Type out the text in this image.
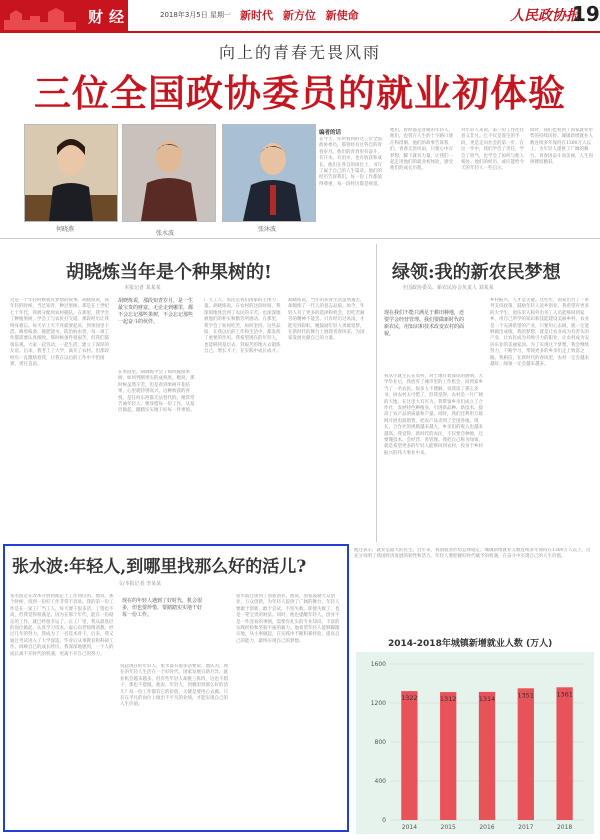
财经	2018年3月5日 星期一 新时代 新方位 新使命	人民政协报
19
向上的青春无畏风雨
三位全国政协委员的就业初体验
何晓燕
张水波
张沐波
编者的话
在今天，你所看到的这三位全国政协委员，都曾经有过各自的青春岁月。他们的青春里有奋斗、有汗水、有泪水，也有收获和成长。他们在各自的岗位上，书写了属于自己的人生篇章。他们的经历告诉我们，每一份工作都值得尊重，每一段经历都是财富。
他们，曾经都是普通的年轻人，他们，也曾在人生的十字路口迷茫和徘徊。他们的故事告诉我们，青春无畏风雨，只要心中有梦想，脚下就有力量。让我们一起走进他们的就业初体验，感受他们的成长历程。
对年轻人来说，第一份工作往往意义非凡。它不仅是谋生的手段，更是走向社会的第一步。在这一步中，我们学会了责任，学会了担当，也学会了如何与他人相处。他们的经历，或许能给今天的年轻人一些启示。
同时，我们也看到了国家就业形势的持续向好。城镇新增就业人数连续多年保持在1300万人以上，为年轻人提供了广阔的舞台。青春因奋斗而美丽，人生因拼搏而精彩。
胡晓炼当年是个种果树的!
本报记者 某某某
这是一个年轻时候就有梦想的故事。胡晓炼说，我年轻的时候，当过知青，种过果树。那是在上世纪七十年代，我被分配到农村插队。在那里，我学会了种植果树，学会了与农民打交道。那段经历让我终身难忘。每天早上天不亮就要起床，到果园里干活。修剪枝条、施肥浇水、防治病虫害，每一项工作都需要认真细致。那时候条件很艰苦，但我们都很乐观。大家一起劳动，一起生活，建立了深厚的友谊。后来，我考上了大学，离开了农村。但那段经历一直激励着我，让我在以后的工作中不怕困难，勇往直前。
胡晓炼说，那段知青岁月，是一生最宝贵的财富。无论走到哪里，都不会忘记那些果树，不会忘记那些一起奋斗的伙伴。
在果园里，胡晓炼学会了如何嫁接果树，如何判断果实的成熟度。她说，那时候虽然辛苦，但是看到果树开花结果，心里就特别高兴。这种收获的喜悦，是任何东西都无法替代的。她常常告诫年轻人，要珍惜每一份工作，从基层做起，踏踏实实地干好每一件事情。
广大工人、农民是我们国家的主体力量。胡晓炼说，在农村的这段时间，我深刻地体会到了农民的辛苦，也深深地被他们的朴实和勤劳所感动。在那里，我学会了如何吃苦，如何坚持。这些品质，在我以后的工作和生活中，都发挥了重要的作用。我希望现在的年轻人，也能够到基层去，到艰苦的地方去锻炼自己，增长才干，在实践中成长成才。
胡晓炼说，当年的知青生活虽然艰苦，却锻炼了一代人的意志品质。如今，年轻人有了更多的选择和机会，但吃苦耐劳的精神不能丢。只有经历过风雨，才能见到彩虹。她鼓励年轻人勇敢追梦，在新时代的舞台上展现青春风采，为国家发展贡献自己的力量。
绿领:我的新农民梦想
全国政协委员、新农民协会负责人 刘某某
现在我们不能只满足于耕田种地，还要学会经营管理。我们要做新时代的新农民，用知识和技术改变农村的面貌。
我从小就生长在农村，对土地有着深厚的感情。大学毕业后，我放弃了城市里的工作机会，回到家乡当了一名农民。很多人不理解，说我读了那么多书，回农村太可惜了。但我觉得，农村是一片广阔的天地，在这里大有可为。我带领乡亲们成立了合作社，发展特色种植业，引进新品种、新技术，提高了农产品的质量和产量。同时，我们还利用互联网开展电商销售，把农产品卖到了全国各地。现在，合作社的规模越来越大，乡亲们的收入也越来越高。我觉得，新时代的农民，不仅要会种地，还要懂技术、会经营、善管理。我把自己称为绿领，就是希望更多的年轻人能够回到农村，投身于乡村振兴的伟大事业中来。
乡村振兴，人才是关键。这些年，国家出台了一系列支持政策，鼓励年轻人返乡创业。我希望有更多的大学生、退伍军人和外出务工人员能够回到家乡，用自己所学的知识和技能建设美丽乡村。农业是一个充满希望的产业，只要用心去做，就一定能够做出成绩。我的梦想，就是让农业成为有奔头的产业，让农民成为有吸引力的职业，让农村成为安居乐业的美丽家园。为了实现这个梦想，我会继续努力，不断学习，带领更多的乡亲们走上致富之路。我相信，在新时代的春风里，农村一定会越来越好，绿领一定会越来越多。
张水波:年轻人,到哪里找那么好的活儿?
文/本报记者 李某某
张水波是在改革开放初期走上工作岗位的。他说，那个时候，找到一份好工作非常不容易。我的第一份工作是在一家工厂当工人，每天要干很多活，工资也不高，但我觉得很满足。因为在那个年代，能有一份稳定的工作，就已经很幸运了。在工厂里，我从最基层的岗位做起，认真学习技术，虚心向老师傅请教。经过几年的努力，我成为了一名技术骨干。后来，我又通过考试进入了大学深造，毕业后从事教育和科研工作。回顾自己的成长经历，我深深地感到，一个人的成长离不开时代的机遇，更离不开自己的努力。
现在的年轻人遇到了好时代，机会很多，但也要珍惜，要踏踏实实地干好每一份工作。
说起现在的年轻人，张水波有很多话要说。他认为，现在的年轻人生活在一个好时代，国家发展日新月异，就业机会越来越多。但有些年轻人却挑三拣四，这也不想干，那也不愿做。他说，年轻人，到哪里找那么好的活儿？每一份工作都有它的价值，关键是要用心去做。只有在平凡的岗位上做出不平凡的业绩，才能实现自己的人生价值。
张水波还谈到了创新创业。他说，国家鼓励大众创业、万众创新，为年轻人提供了广阔的舞台。年轻人要敢于创新，敢于尝试，不怕失败。即使失败了，也是一笔宝贵的财富。同时，他也提醒年轻人，创业不是一件容易的事情，需要有扎实的专业知识、丰富的实践经验和坚韧不拔的毅力。他希望年轻人能够脚踏实地，从小事做起，在实践中不断积累经验，提高自己的能力，最终实现自己的梦想。
他还表示，就业是最大的民生。近年来，我国就业形势总体稳定，城镇新增就业人数连续多年保持在1300万人以上。这充分说明了我国经济发展的韧性和活力。年轻人要把握好时代赋予的机遇，在奋斗中实现自己的人生价值。
2014-2018年城镇新增就业人数 (万人)
0
400
800
1200
1600
1322
2014
1312
2015
1314
2016
1351
2017
1361
2018
